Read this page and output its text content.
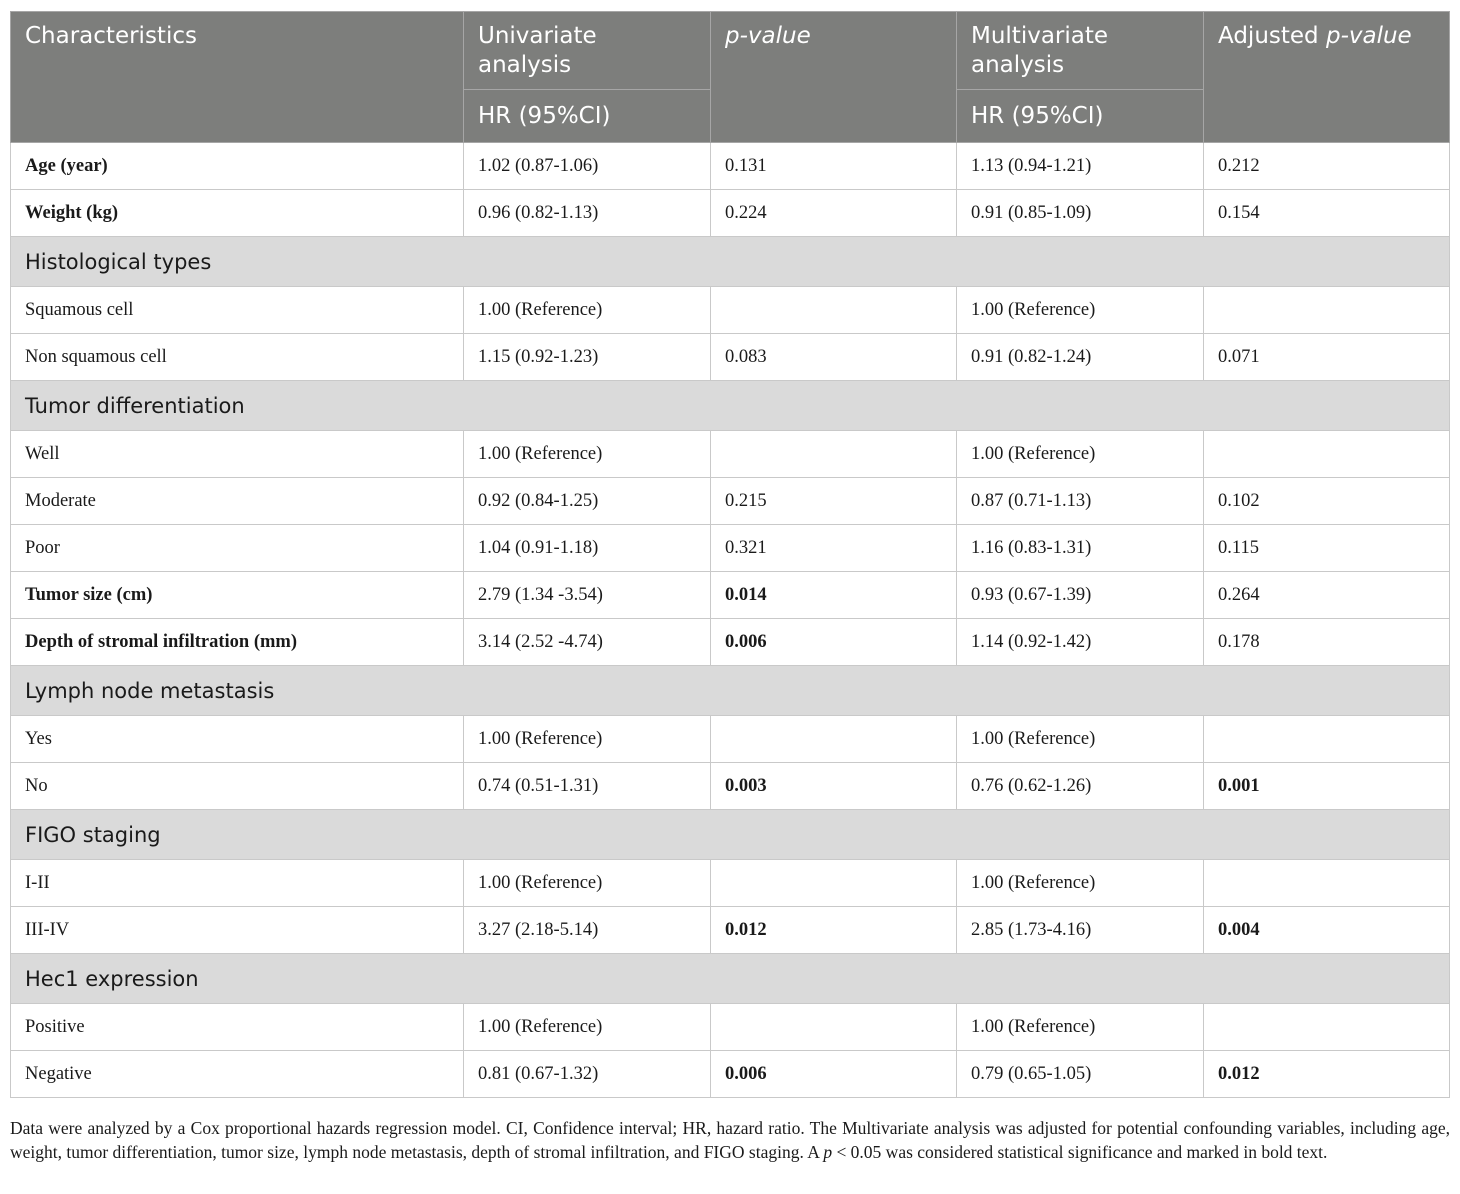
Characteristics	Univariate analysis	p-value	Multivariate analysis	Adjusted p-value
	HR (95%CI)		HR (95%CI)	
Age (year)	1.02 (0.87-1.06)	0.131	1.13 (0.94-1.21)	0.212
Weight (kg)	0.96 (0.82-1.13)	0.224	0.91 (0.85-1.09)	0.154
Histological types				
Squamous cell	1.00 (Reference)		1.00 (Reference)	
Non squamous cell	1.15 (0.92-1.23)	0.083	0.91 (0.82-1.24)	0.071
Tumor differentiation				
Well	1.00 (Reference)		1.00 (Reference)	
Moderate	0.92 (0.84-1.25)	0.215	0.87 (0.71-1.13)	0.102
Poor	1.04 (0.91-1.18)	0.321	1.16 (0.83-1.31)	0.115
Tumor size (cm)	2.79 (1.34 -3.54)	0.014	0.93 (0.67-1.39)	0.264
Depth of stromal infiltration (mm)	3.14 (2.52 -4.74)	0.006	1.14 (0.92-1.42)	0.178
Lymph node metastasis				
Yes	1.00 (Reference)		1.00 (Reference)	
No	0.74 (0.51-1.31)	0.003	0.76 (0.62-1.26)	0.001
FIGO staging				
I-II	1.00 (Reference)		1.00 (Reference)	
III-IV	3.27 (2.18-5.14)	0.012	2.85 (1.73-4.16)	0.004
Hec1 expression				
Positive	1.00 (Reference)		1.00 (Reference)	
Negative	0.81 (0.67-1.32)	0.006	0.79 (0.65-1.05)	0.012
Data were analyzed by a Cox proportional hazards regression model. CI, Confidence interval; HR, hazard ratio. The Multivariate analysis was adjusted for potential confounding variables, including age, weight, tumor differentiation, tumor size, lymph node metastasis, depth of stromal infiltration, and FIGO staging. A p < 0.05 was considered statistical significance and marked in bold text.
